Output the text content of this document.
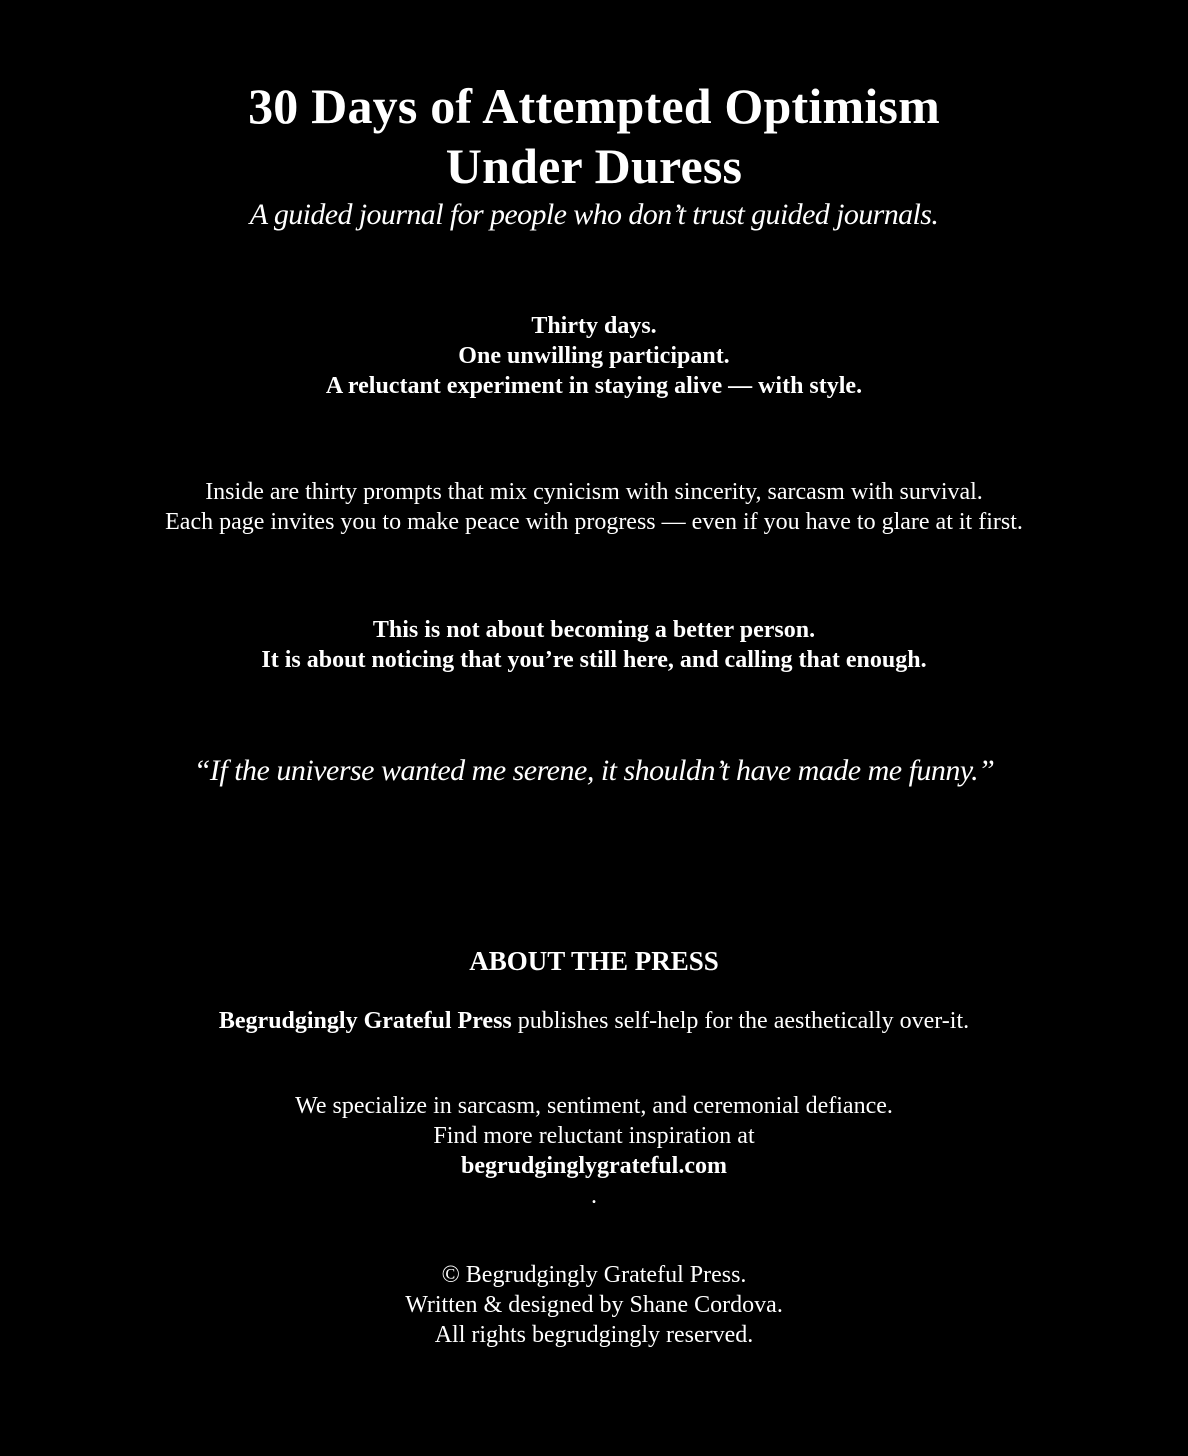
30 Days of Attempted Optimism
Under Duress
A guided journal for people who don’t trust guided journals.

Thirty days.
One unwilling participant.
A reluctant experiment in staying alive — with style.

Inside are thirty prompts that mix cynicism with sincerity, sarcasm with survival.
Each page invites you to make peace with progress — even if you have to glare at it first.

This is not about becoming a better person.
It is about noticing that you’re still here, and calling that enough.

“If the universe wanted me serene, it shouldn’t have made me funny.”
ABOUT THE PRESS
Begrudgingly Grateful Press publishes self-help for the aesthetically over-it.

We specialize in sarcasm, sentiment, and ceremonial defiance.
Find more reluctant inspiration at
begrudginglygrateful.com
.

© Begrudgingly Grateful Press.
Written & designed by Shane Cordova.
All rights begrudgingly reserved.
